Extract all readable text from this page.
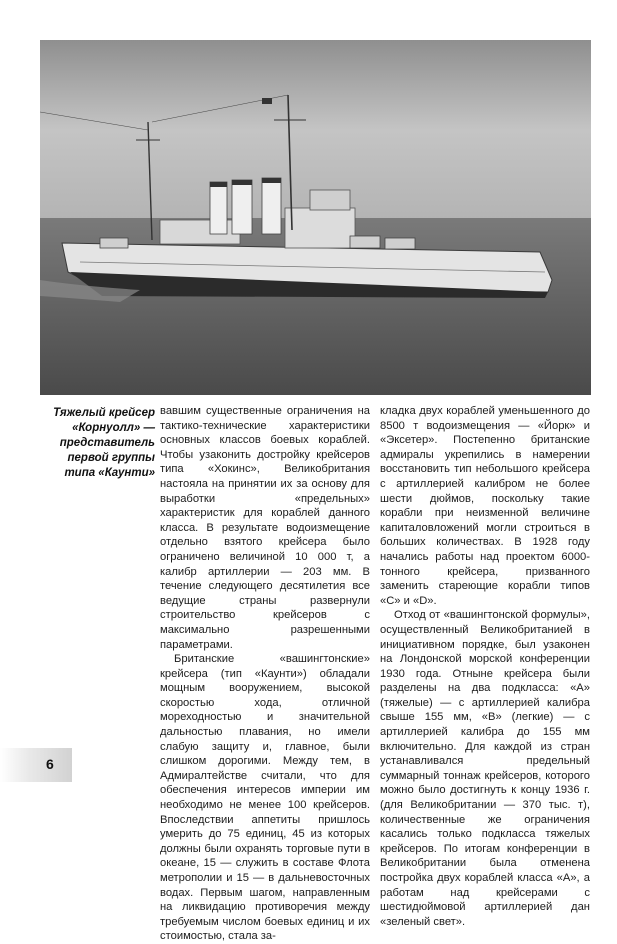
Тяжелый крейсер
«Корнуолл» —
представитель
первой группы
типа «Каунти»

вавшим существенные ограничения на тактико-технические характеристики основных классов боевых кораблей. Чтобы узаконить достройку крейсеров типа «Хокинс», Великобритания настояла на принятии их за основу для выработки «предельных» характеристик для кораблей данного класса. В результате водоизмещение отдельно взятого крейсера было ограничено величиной 10 000 т, а калибр артиллерии — 203 мм. В течение следующего десятилетия все ведущие страны развернули строительство крейсеров с максимально разрешенными параметрами.

Британские «вашингтонские» крейсера (тип «Каунти») обладали мощным вооружением, высокой скоростью хода, отличной мореходностью и значительной дальностью плавания, но имели слабую защиту и, главное, были слишком дорогими. Между тем, в Адмиралтействе считали, что для обеспечения интересов империи им необходимо не менее 100 крейсеров. Впоследствии аппетиты пришлось умерить до 75 единиц, 45 из которых должны были охранять торговые пути в океане, 15 — служить в составе Флота метрополии и 15 — в дальневосточных водах. Первым шагом, направленным на ликвидацию противоречия между требуемым числом боевых единиц и их стоимостью, стала за-

кладка двух кораблей уменьшенного до 8500 т водоизмещения — «Йорк» и «Эксетер». Постепенно британские адмиралы укрепились в намерении восстановить тип небольшого крейсера с артиллерией калибром не более шести дюймов, поскольку такие корабли при неизменной величине капиталовложений могли строиться в больших количествах. В 1928 году начались работы над проектом 6000-тонного крейсера, призванного заменить стареющие корабли типов «С» и «D».

Отход от «вашингтонской формулы», осуществленный Великобританией в инициативном порядке, был узаконен на Лондонской морской конференции 1930 года. Отныне крейсера были разделены на два подкласса: «А» (тяжелые) — с артиллерией калибра свыше 155 мм, «В» (легкие) — с артиллерией калибра до 155 мм включительно. Для каждой из стран устанавливался предельный суммарный тоннаж крейсеров, которого можно было достигнуть к концу 1936 г. (для Великобритании — 370 тыс. т), количественные же ограничения касались только подкласса тяжелых крейсеров. По итогам конференции в Великобритании была отменена постройка двух кораблей класса «А», а работам над крейсерами с шестидюймовой артиллерией дан «зеленый свет».

6
